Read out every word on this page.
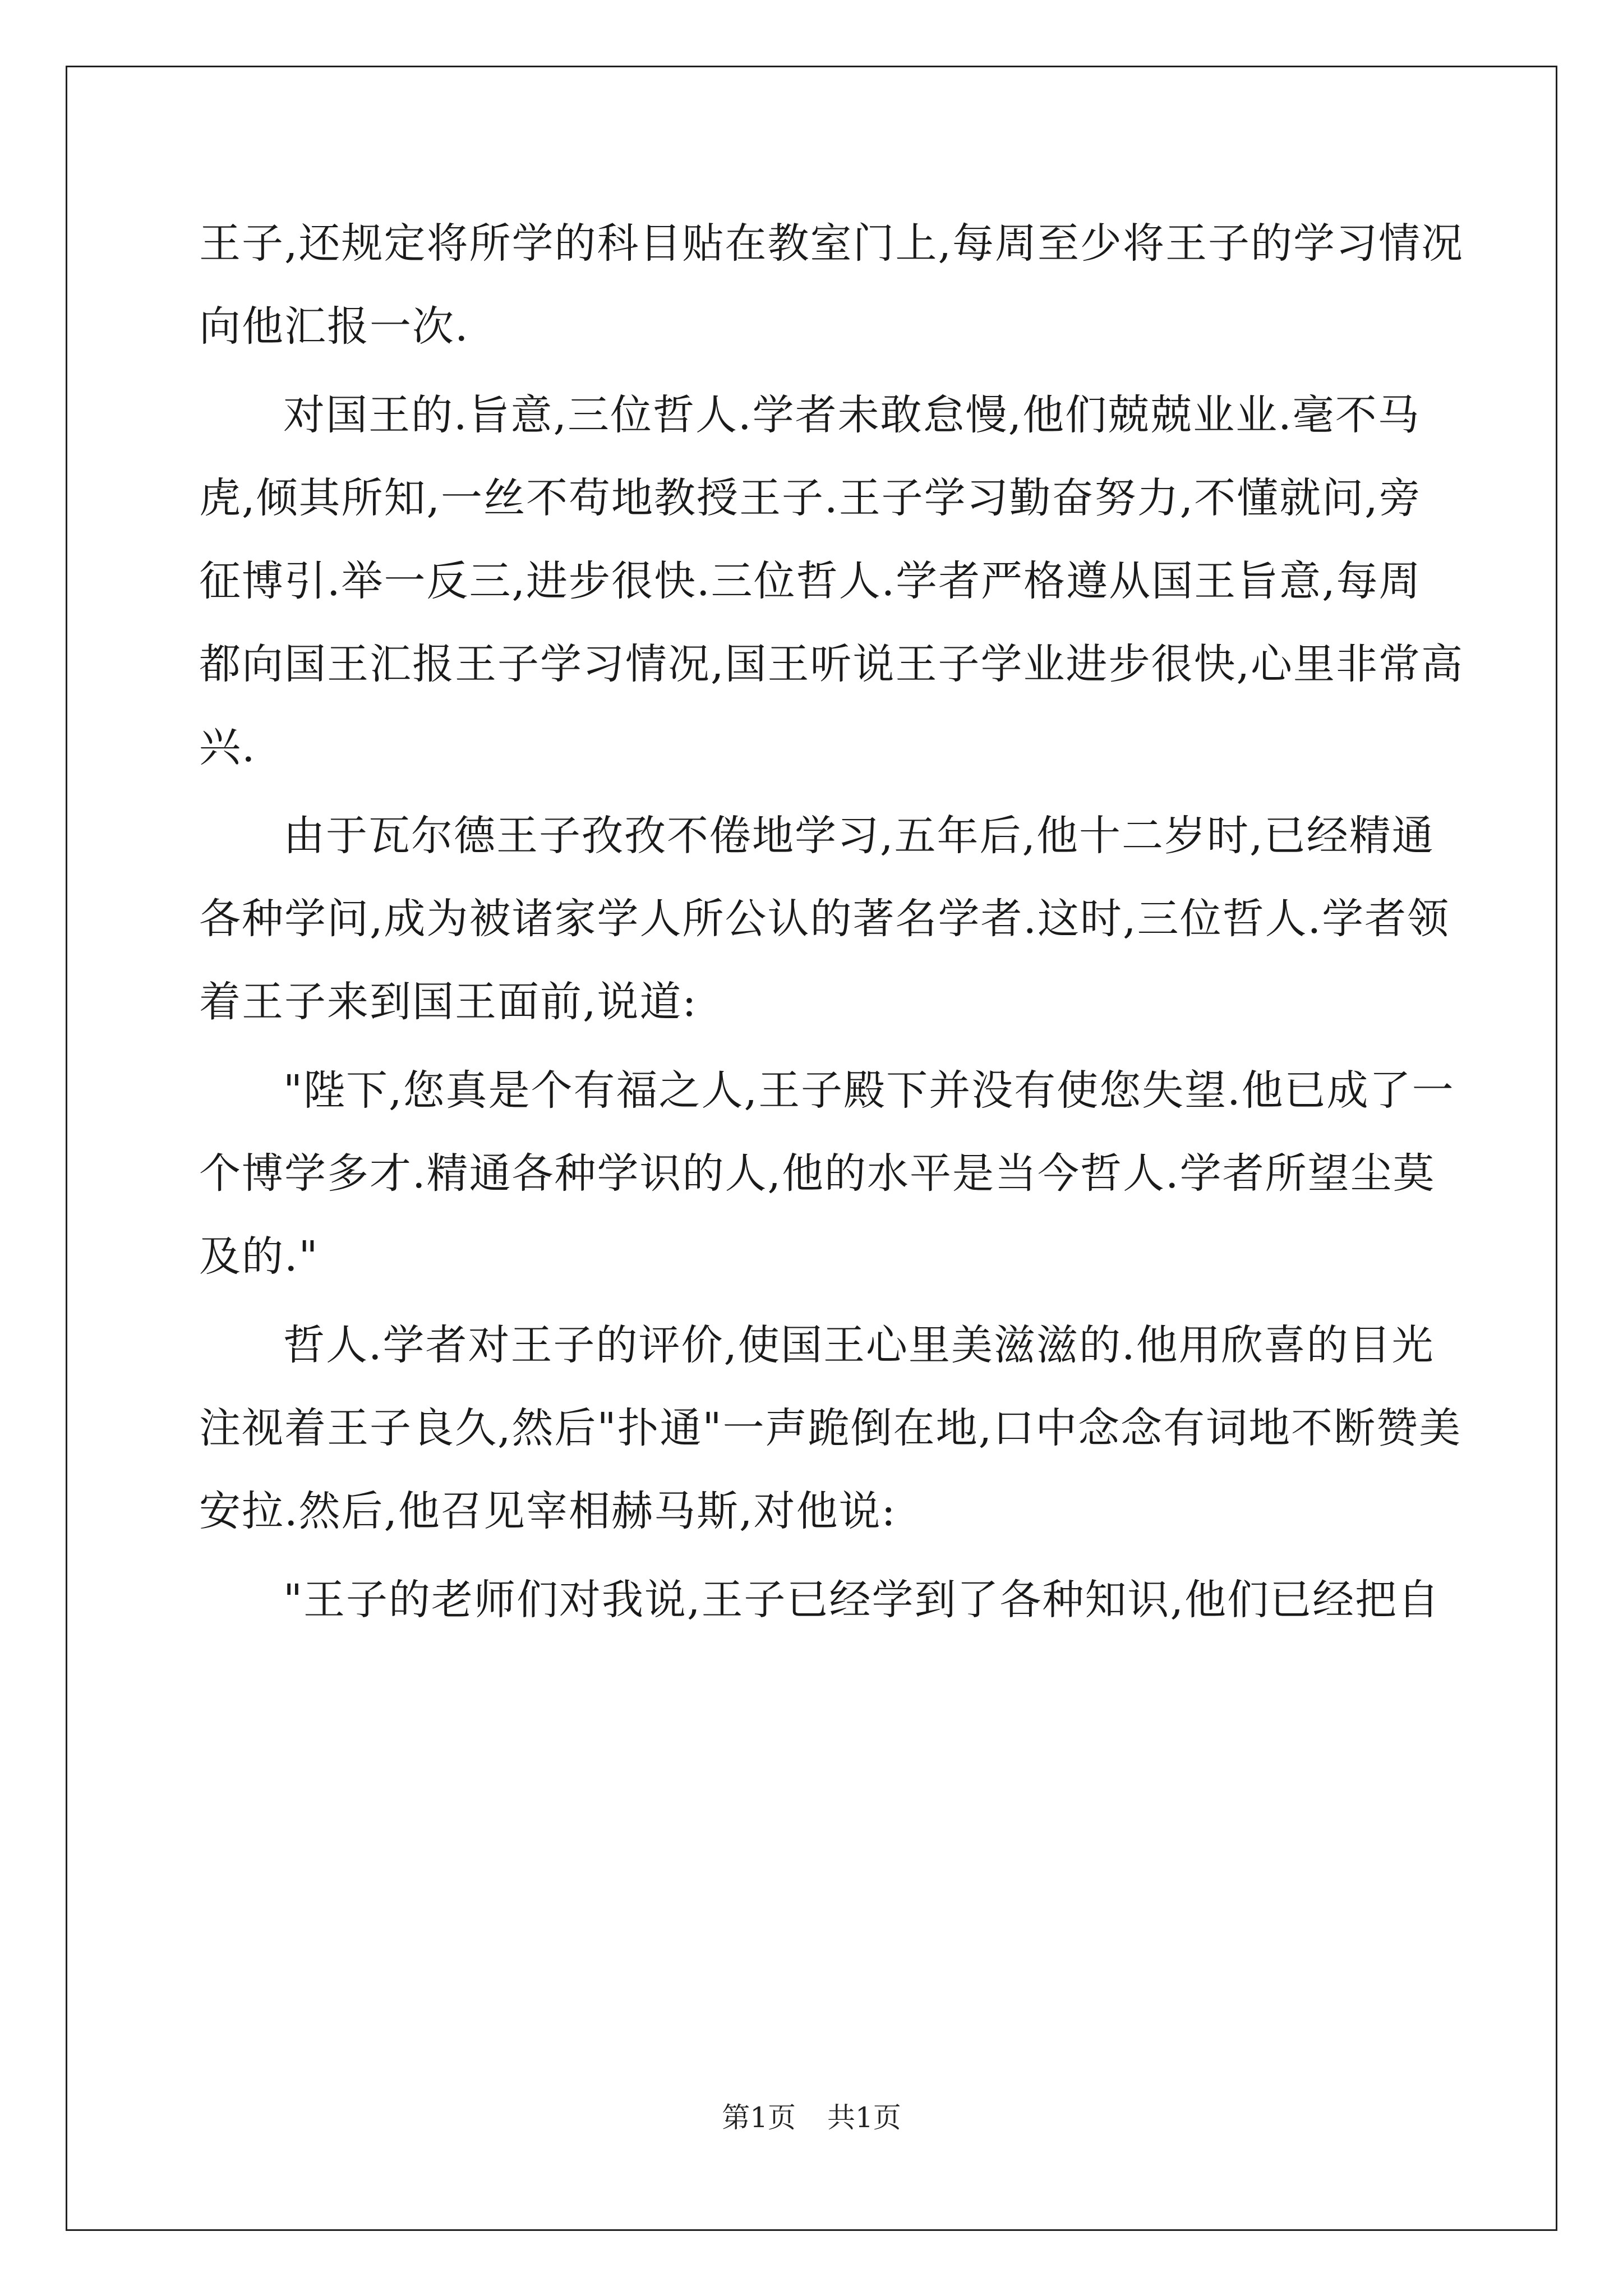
王子,还规定将所学的科目贴在教室门上,每周至少将王子的学习情况
向他汇报一次.
对国王的.旨意,三位哲人.学者未敢怠慢,他们兢兢业业.毫不马
虎,倾其所知,一丝不苟地教授王子.王子学习勤奋努力,不懂就问,旁
征博引.举一反三,进步很快.三位哲人.学者严格遵从国王旨意,每周
都向国王汇报王子学习情况,国王听说王子学业进步很快,心里非常高
兴.
由于瓦尔德王子孜孜不倦地学习,五年后,他十二岁时,已经精通
各种学问,成为被诸家学人所公认的著名学者.这时,三位哲人.学者领
着王子来到国王面前,说道:
"陛下,您真是个有福之人,王子殿下并没有使您失望.他已成了一
个博学多才.精通各种学识的人,他的水平是当今哲人.学者所望尘莫
及的."
哲人.学者对王子的评价,使国王心里美滋滋的.他用欣喜的目光
注视着王子良久,然后"扑通"一声跪倒在地,口中念念有词地不断赞美
安拉.然后,他召见宰相赫马斯,对他说:
"王子的老师们对我说,王子已经学到了各种知识,他们已经把自
第1页 共1页
